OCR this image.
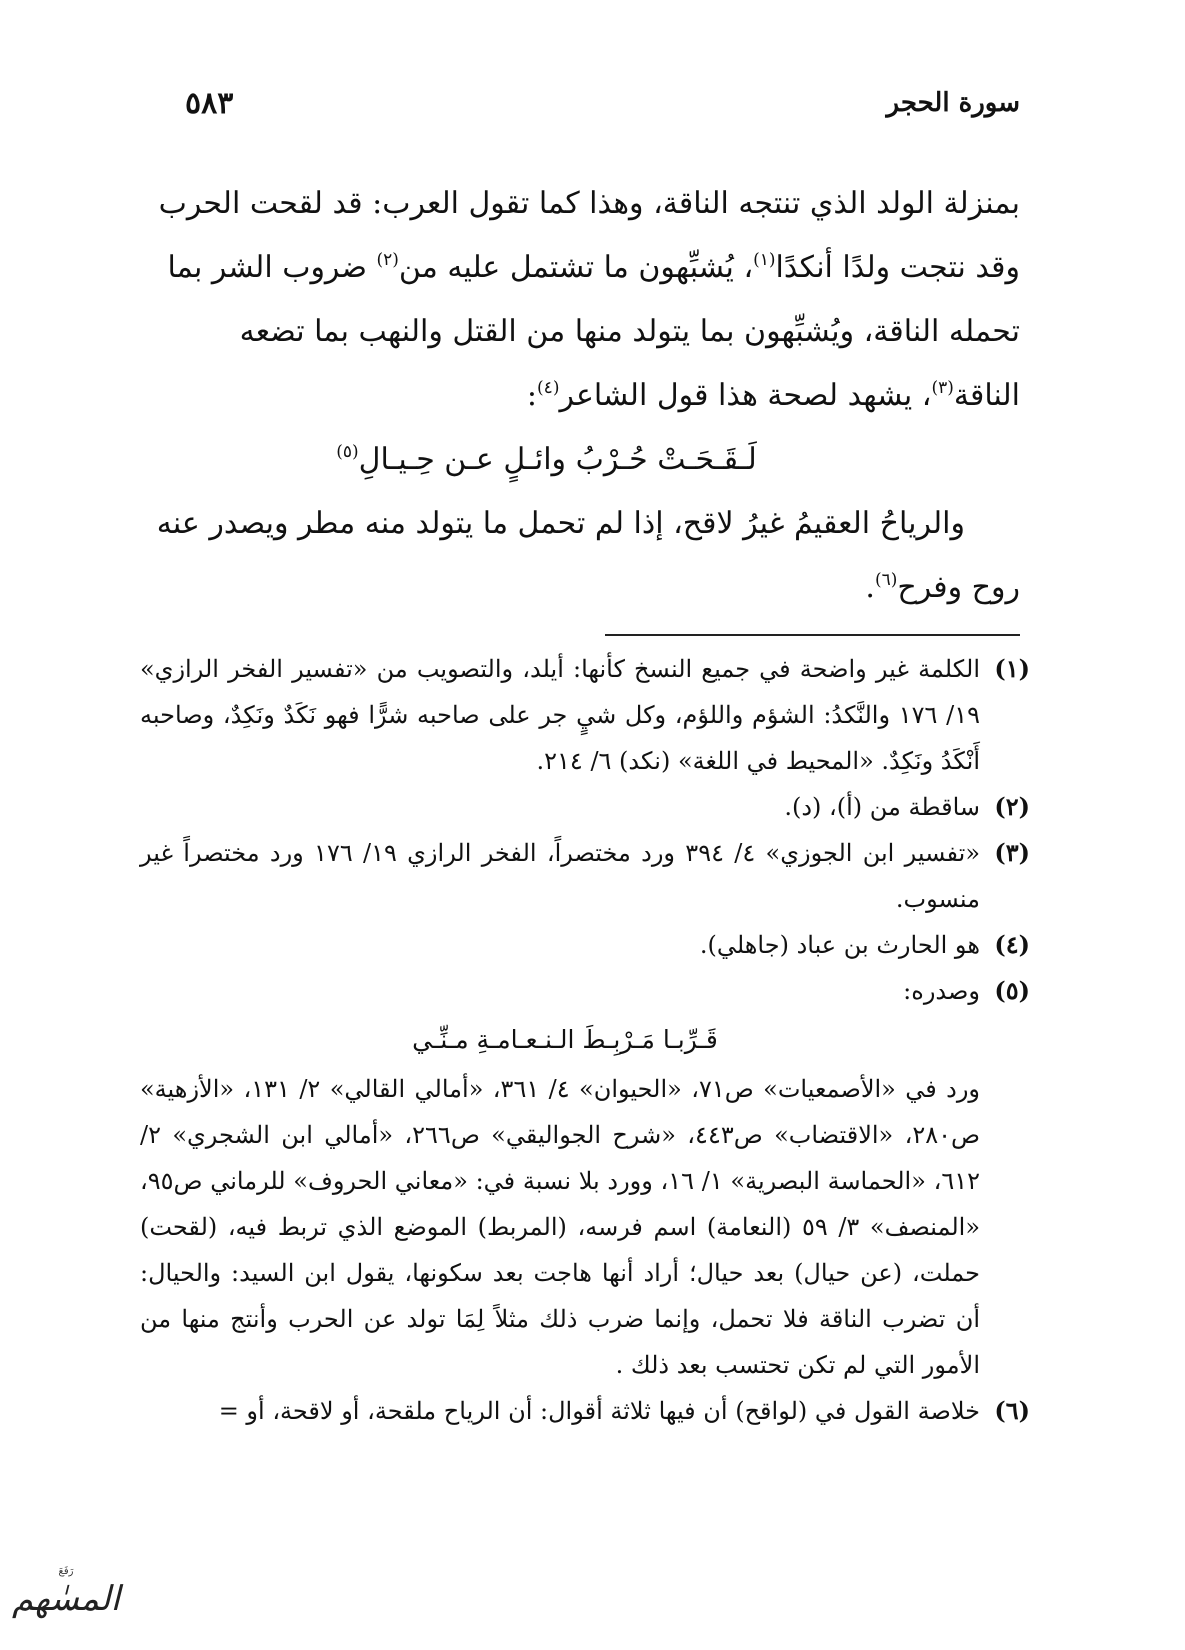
سورة الحجر
٥٨٣

بمنزلة الولد الذي تنتجه الناقة، وهذا كما تقول العرب: قد لقحت الحرب

وقد نتجت ولدًا أنكدًا$^{(١)}$، يُشبِّهون ما تشتمل عليه من$^{(٢)}$ ضروب الشر بما

تحمله الناقة، ويُشبِّهون بما يتولد منها من القتل والنهب بما تضعه

الناقة$^{(٣)}$، يشهد لصحة هذا قول الشاعر$^{(٤)}$:

لَـقَـحَـتْ حُـرْبُ وائـلٍ عـن حِـيـالِ$^{(٥)}$

والرياحُ العقيمُ غيرُ لاقح، إذا لم تحمل ما يتولد منه مطر ويصدر عنه

روح وفرح$^{(٦)}$.

(١)
الكلمة غير واضحة في جميع النسخ كأنها: أيلد، والتصويب من «تفسير الفخر الرازي» ١٩/ ١٧٦ والنَّكدُ: الشؤم واللؤم، وكل شيٍ جر على صاحبه شرًّا فهو نَكَدٌ ونَكِدٌ، وصاحبه أَنْكَدُ ونَكِدٌ. «المحيط في اللغة» (نكد) ٦/ ٢١٤.
(٢)
ساقطة من (أ)، (د).
(٣)
«تفسير ابن الجوزي» ٤/ ٣٩٤ ورد مختصراً، الفخر الرازي ١٩/ ١٧٦ ورد مختصراً غير منسوب.
(٤)
هو الحارث بن عباد (جاهلي).
(٥)
وصدره:
قَـرِّبـا مَـرْبِـطَ الـنـعـامـةِ مـنِّـي
ورد في «الأصمعيات» ص٧١، «الحيوان» ٤/ ٣٦١، «أمالي القالي» ٢/ ١٣١، «الأزهية» ص٢٨٠، «الاقتضاب» ص٤٤٣، «شرح الجواليقي» ص٢٦٦، «أمالي ابن الشجري» ٢/ ٦١٢، «الحماسة البصرية» ١/ ١٦، وورد بلا نسبة في: «معاني الحروف» للرماني ص٩٥، «المنصف» ٣/ ٥٩ (النعامة) اسم فرسه، (المربط) الموضع الذي تربط فيه، (لقحت) حملت، (عن حيال) بعد حيال؛ أراد أنها هاجت بعد سكونها، يقول ابن السيد: والحيال: أن تضرب الناقة فلا تحمل، وإنما ضرب ذلك مثلاً لِمَا تولد عن الحرب وأنتج منها من الأمور التي لم تكن تحتسب بعد ذلك .
(٦)
خلاصة القول في (لواقح) أن فيها ثلاثة أقوال: أن الرياح ملقحة، أو لاقحة، أو =
رَفَعَ
المسٰهم
